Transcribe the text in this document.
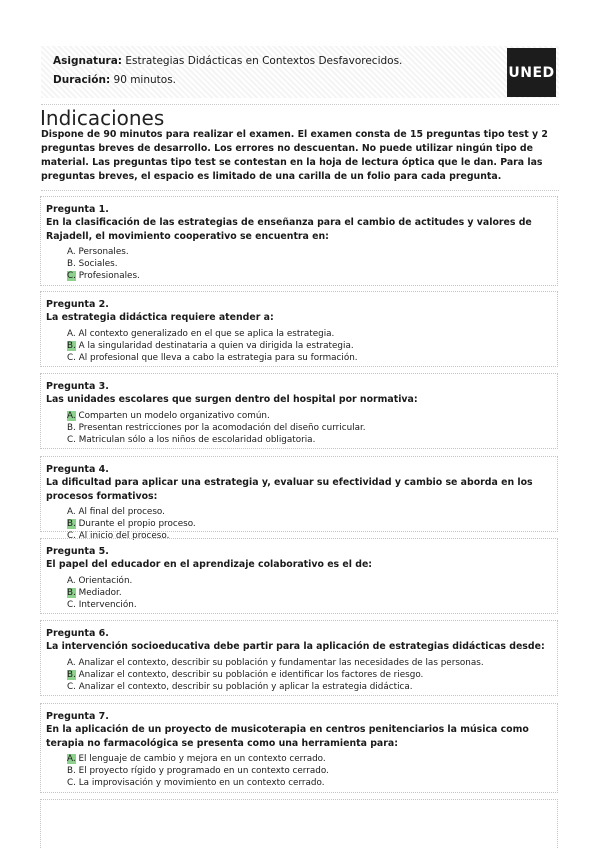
Asignatura: Estrategias Didácticas en Contextos Desfavorecidos.
Duración: 90 minutos.	UNED
Indicaciones
Dispone de 90 minutos para realizar el examen. El examen consta de 15 preguntas tipo test y 2 preguntas breves de desarrollo. Los errores no descuentan. No puede utilizar ningún tipo de material. Las preguntas tipo test se contestan en la hoja de lectura óptica que le dan. Para las preguntas breves, el espacio es limitado de una carilla de un folio para cada pregunta.
Pregunta 1.
En la clasificación de las estrategias de enseñanza para el cambio de actitudes y valores de Rajadell, el movimiento cooperativo se encuentra en:
A. Personales.
B. Sociales.
C. Profesionales.
Pregunta 2.
La estrategia didáctica requiere atender a:
A. Al contexto generalizado en el que se aplica la estrategia.
B. A la singularidad destinataria a quien va dirigida la estrategia.
C. Al profesional que lleva a cabo la estrategia para su formación.
Pregunta 3.
Las unidades escolares que surgen dentro del hospital por normativa:
A. Comparten un modelo organizativo común.
B. Presentan restricciones por la acomodación del diseño curricular.
C. Matriculan sólo a los niños de escolaridad obligatoria.
Pregunta 4.
La dificultad para aplicar una estrategia y, evaluar su efectividad y cambio se aborda en los procesos formativos:
A. Al final del proceso.
B. Durante el propio proceso.
C. Al inicio del proceso.
Pregunta 5.
El papel del educador en el aprendizaje colaborativo es el de:
A. Orientación.
B. Mediador.
C. Intervención.
Pregunta 6.
La intervención socioeducativa debe partir para la aplicación de estrategias didácticas desde:
A. Analizar el contexto, describir su población y fundamentar las necesidades de las personas.
B. Analizar el contexto, describir su población e identificar los factores de riesgo.
C. Analizar el contexto, describir su población y aplicar la estrategia didáctica.
Pregunta 7.
En la aplicación de un proyecto de musicoterapia en centros penitenciarios la música como terapia no farmacológica se presenta como una herramienta para:
A. El lenguaje de cambio y mejora en un contexto cerrado.
B. El proyecto rígido y programado en un contexto cerrado.
C. La improvisación y movimiento en un contexto cerrado.
